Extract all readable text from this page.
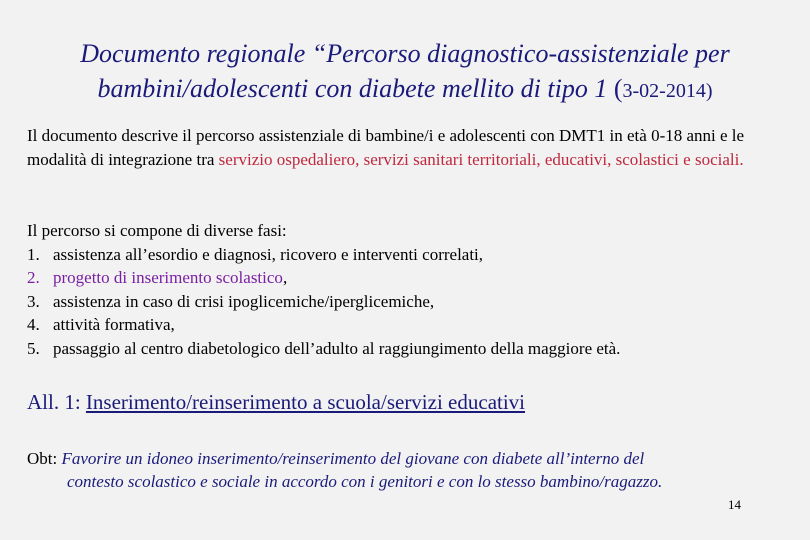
Documento regionale “Percorso diagnostico-assistenziale per
bambini/adolescenti con diabete mellito di tipo 1 (3-02-2014)
Il documento descrive il percorso assistenziale di bambine/i e adolescenti con DMT1 in età 0-18 anni e le modalità di integrazione tra servizio ospedaliero, servizi sanitari territoriali, educativi, scolastici e sociali.
Il percorso si compone di diverse fasi:
1. assistenza all’esordio e diagnosi, ricovero e interventi correlati,
2. progetto di inserimento scolastico ,
3. assistenza in caso di crisi ipoglicemiche/iperglicemiche,
4. attività formativa,
5. passaggio al centro diabetologico dell’adulto al raggiungimento della maggiore età.
All. 1: Inserimento/reinserimento a scuola/servizi educativi
Obt: Favorire un idoneo inserimento/reinserimento del giovane con diabete all’interno del
contesto scolastico e sociale in accordo con i genitori e con lo stesso bambino/ragazzo.
14
